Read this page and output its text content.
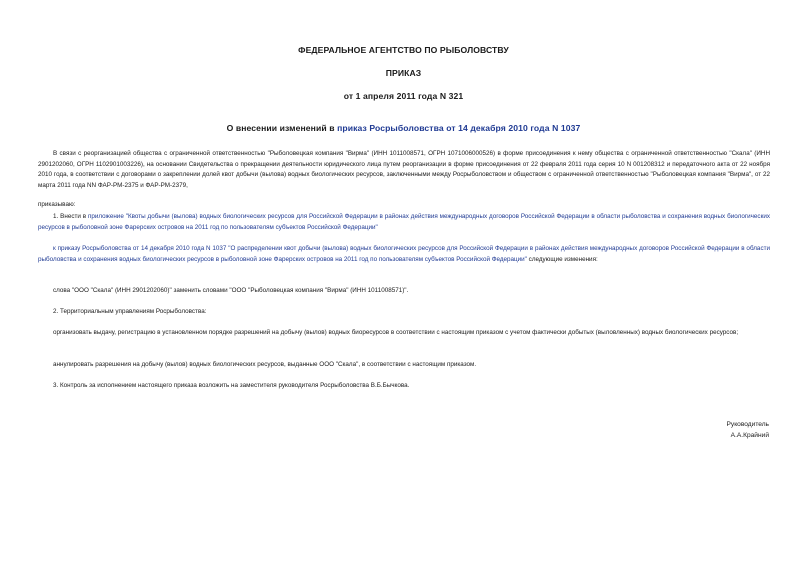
ФЕДЕРАЛЬНОЕ АГЕНТСТВО ПО РЫБОЛОВСТВУ
ПРИКАЗ
от 1 апреля 2011 года N 321
О внесении изменений в приказ Росрыболовства от 14 декабря 2010 года N 1037

В связи с реорганизацией общества с ограниченной ответственностью "Рыболовецкая компания "Вирма" (ИНН 1011008571, ОГРН 1071006000526) в форме присоединения к нему общества с ограниченной ответственностью "Скала" (ИНН 2901202060, ОГРН 1102901003226), на основании Свидетельства о прекращении деятельности юридического лица путем реорганизации в форме присоединения от 22 февраля 2011 года серия 10 N 001208312 и передаточного акта от 22 ноября 2010 года, в соответствии с договорами о закреплении долей квот добычи (вылова) водных биологических ресурсов, заключенными между Росрыболовством и обществом с ограниченной ответственностью "Рыболовецкая компания "Вирма", от 22 марта 2011 года NN ФАР-РМ-2375 и ФАР-РМ-2379,

приказываю:

1. Внести в приложение "Квоты добычи (вылова) водных биологических ресурсов для Российской Федерации в районах действия международных договоров Российской Федерации в области рыболовства и сохранения водных биологических ресурсов в рыболовной зоне Фарерских островов на 2011 год по пользователям субъектов Российской Федерации"

к приказу Росрыболовства от 14 декабря 2010 года N 1037 "О распределении квот добычи (вылова) водных биологических ресурсов для Российской Федерации в районах действия международных договоров Российской Федерации в области рыболовства и сохранения водных биологических ресурсов в рыболовной зоне Фарерских островов на 2011 год по пользователям субъектов Российской Федерации" следующие изменения:

слова "ООО "Скала" (ИНН 2901202060)" заменить словами "ООО "Рыболовецкая компания "Вирма" (ИНН 1011008571)".

2. Территориальным управлениям Росрыболовства:

организовать выдачу, регистрацию в установленном порядке разрешений на добычу (вылов) водных биоресурсов в соответствии с настоящим приказом с учетом фактически добытых (выловленных) водных биологических ресурсов;

аннулировать разрешения на добычу (вылов) водных биологических ресурсов, выданные ООО "Скала", в соответствии с настоящим приказом.

3. Контроль за исполнением настоящего приказа возложить на заместителя руководителя Росрыболовства В.Б.Бычкова.

Руководитель
А.А.Крайний
